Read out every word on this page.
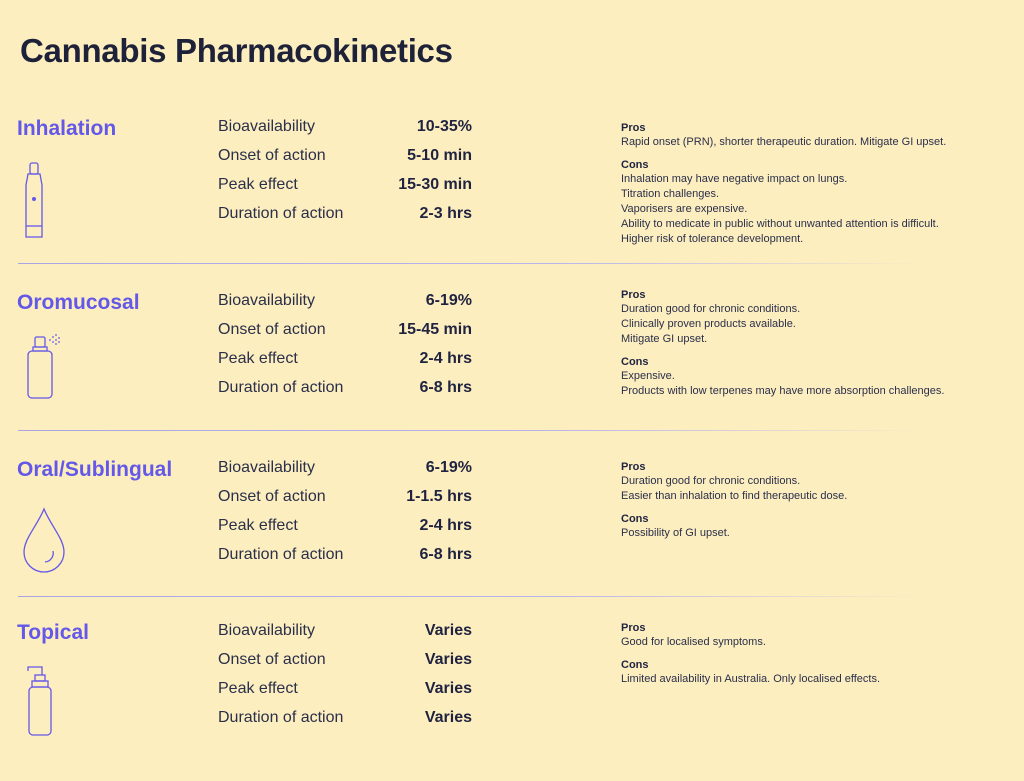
Cannabis Pharmacokinetics
Inhalation	Bioavailability	10-35%
Onset of action	5-10 min
Peak effect	15-30 min
Duration of action	2-3 hrs
Pros
Rapid onset (PRN), shorter therapeutic duration. Mitigate GI upset.
Cons
Inhalation may have negative impact on lungs.
Titration challenges.
Vaporisers are expensive.
Ability to medicate in public without unwanted attention is difficult.
Higher risk of tolerance development.
Oromucosal	Bioavailability	6-19%
Onset of action	15-45 min
Peak effect	2-4 hrs
Duration of action	6-8 hrs
Pros
Duration good for chronic conditions.
Clinically proven products available.
Mitigate GI upset.
Cons
Expensive.
Products with low terpenes may have more absorption challenges.
Oral/Sublingual	Bioavailability	6-19%
Onset of action	1-1.5 hrs
Peak effect	2-4 hrs
Duration of action	6-8 hrs
Pros
Duration good for chronic conditions.
Easier than inhalation to find therapeutic dose.
Cons
Possibility of GI upset.
Topical	Bioavailability	Varies
Onset of action	Varies
Peak effect	Varies
Duration of action	Varies
Pros
Good for localised symptoms.
Cons
Limited availability in Australia. Only localised effects.
